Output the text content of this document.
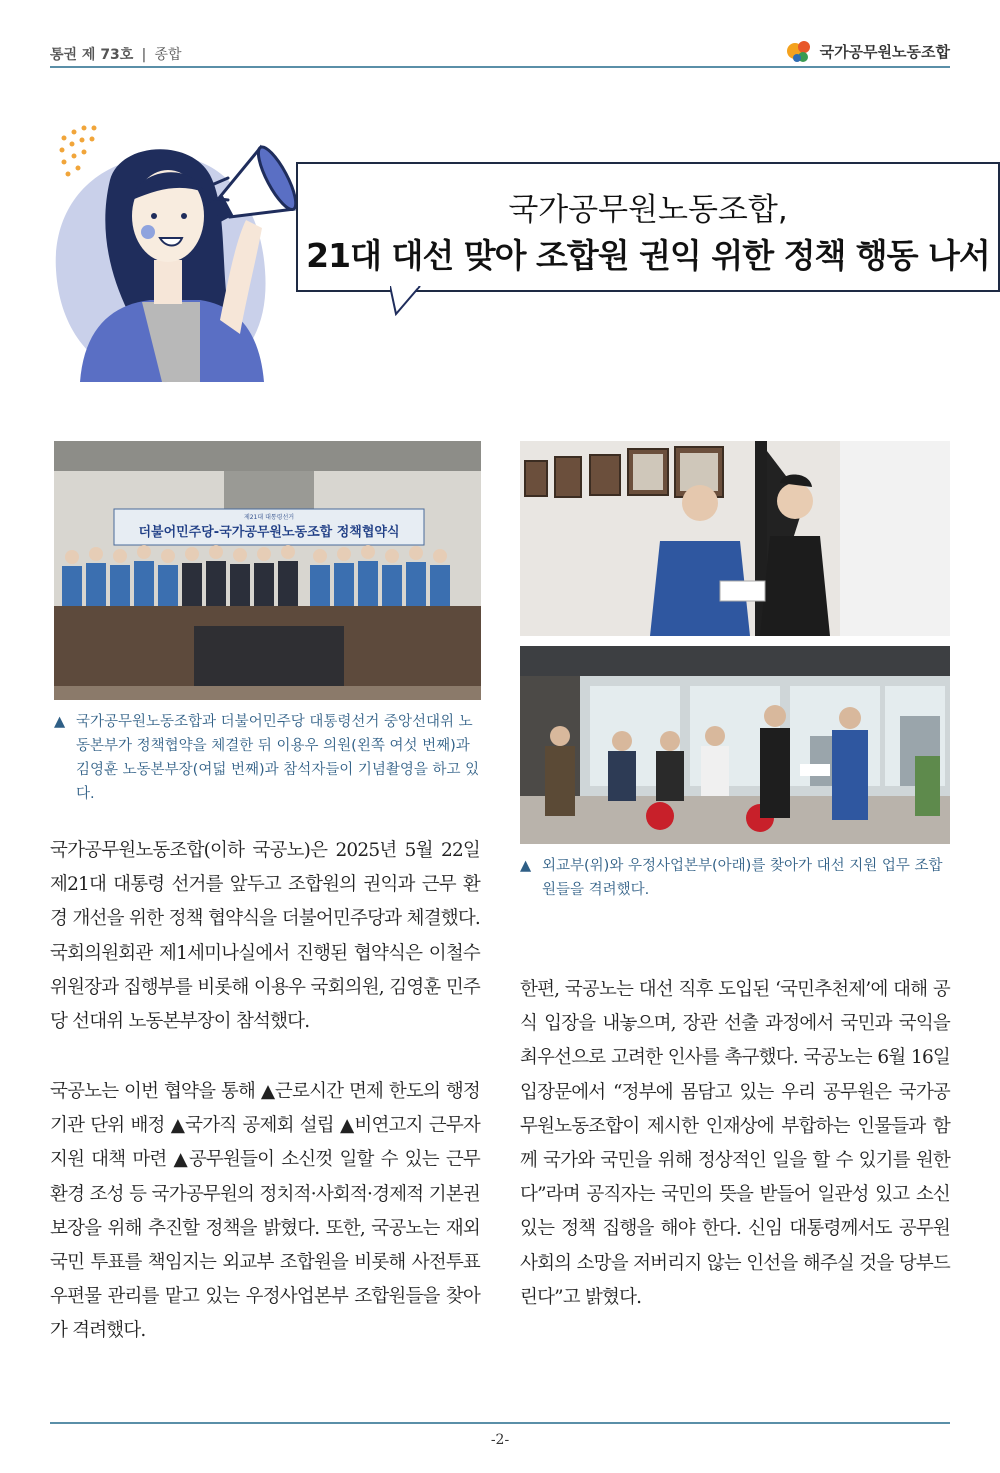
통권 제 73호 | 종합	국가공무원노동조합
국가공무원노동조합,
21대 대선 맞아 조합원 권익 위한 정책 행동 나서
제21대 대통령선거
더불어민주당-국가공무원노동조합 정책협약식
▲ 국가공무원노동조합과 더불어민주당 대통령선거 중앙선대위 노동본부가 정책협약을 체결한 뒤 이용우 의원(왼쪽 여섯 번째)과 김영훈 노동본부장(여덟 번째)과 참석자들이 기념촬영을 하고 있다.
▲ 외교부(위)와 우정사업본부(아래)를 찾아가 대선 지원 업무 조합원들을 격려했다.
국가공무원노동조합(이하 국공노)은 2025년 5월 22일 제21대 대통령 선거를 앞두고 조합원의 권익과 근무 환경 개선을 위한 정책 협약식을 더불어민주당과 체결했다. 국회의원회관 제1세미나실에서 진행된 협약식은 이철수 위원장과 집행부를 비롯해 이용우 국회의원, 김영훈 민주당 선대위 노동본부장이 참석했다.
국공노는 이번 협약을 통해 ▲근로시간 면제 한도의 행정기관 단위 배정 ▲국가직 공제회 설립 ▲비연고지 근무자 지원 대책 마련 ▲공무원들이 소신껏 일할 수 있는 근무 환경 조성 등 국가공무원의 정치적·사회적·경제적 기본권 보장을 위해 추진할 정책을 밝혔다. 또한, 국공노는 재외국민 투표를 책임지는 외교부 조합원을 비롯해 사전투표 우편물 관리를 맡고 있는 우정사업본부 조합원들을 찾아가 격려했다.
한편, 국공노는 대선 직후 도입된 ‘국민추천제’에 대해 공식 입장을 내놓으며, 장관 선출 과정에서 국민과 국익을 최우선으로 고려한 인사를 촉구했다. 국공노는 6월 16일 입장문에서 “정부에 몸담고 있는 우리 공무원은 국가공무원노동조합이 제시한 인재상에 부합하는 인물들과 함께 국가와 국민을 위해 정상적인 일을 할 수 있기를 원한다”라며 공직자는 국민의 뜻을 받들어 일관성 있고 소신 있는 정책 집행을 해야 한다. 신임 대통령께서도 공무원 사회의 소망을 저버리지 않는 인선을 해주실 것을 당부드린다”고 밝혔다.
-2-
